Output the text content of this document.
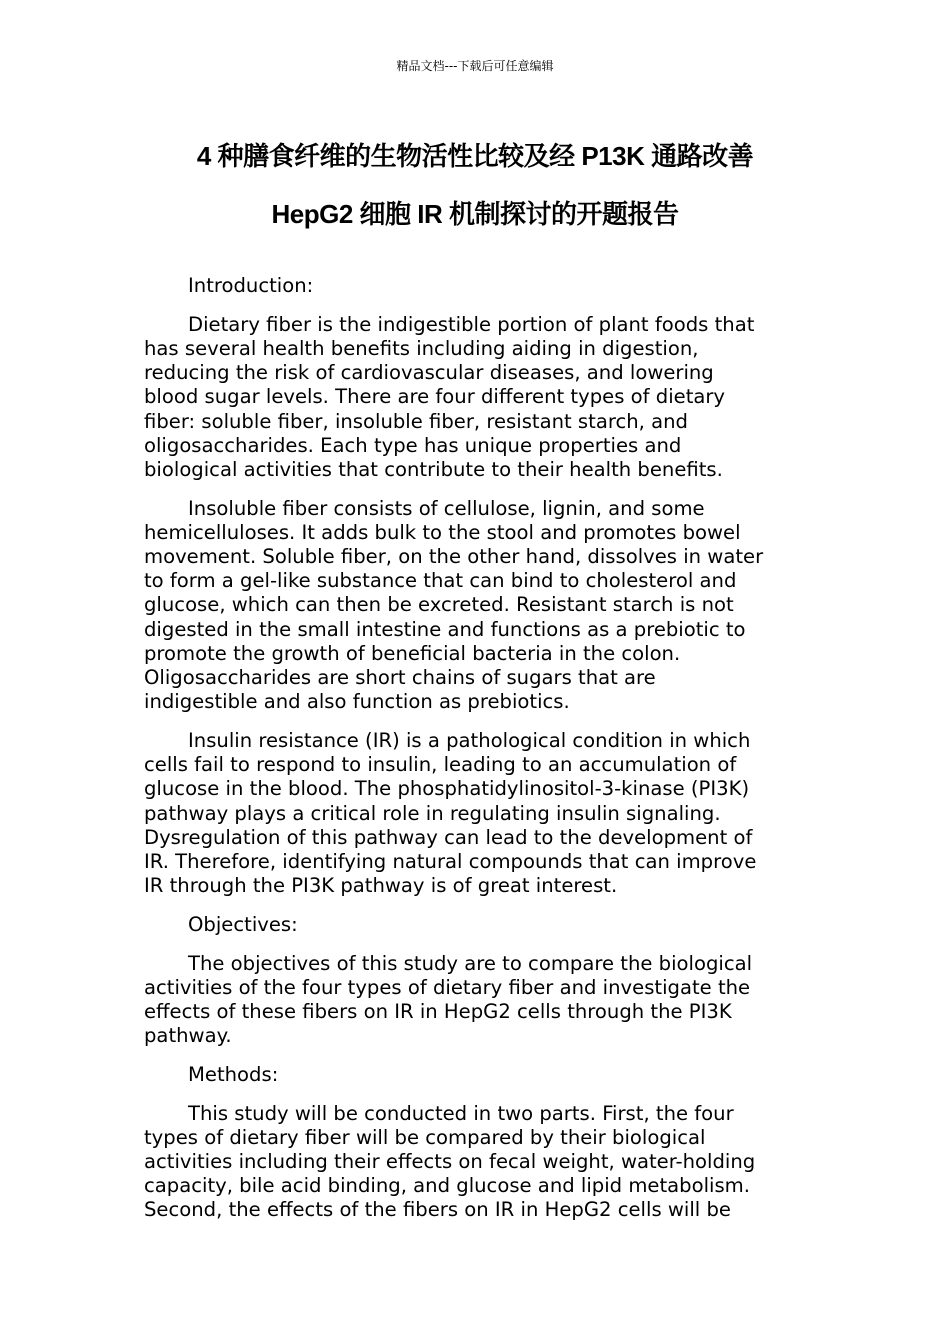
精品文档---下载后可任意编辑
4 种膳食纤维的生物活性比较及经 P13K 通路改善
HepG2 细胞 IR 机制探讨的开题报告

Introduction:

Dietary fiber is the indigestible portion of plant foods that
has several health benefits including aiding in digestion,
reducing the risk of cardiovascular diseases, and lowering
blood sugar levels. There are four different types of dietary
fiber: soluble fiber, insoluble fiber, resistant starch, and
oligosaccharides. Each type has unique properties and
biological activities that contribute to their health benefits.

Insoluble fiber consists of cellulose, lignin, and some
hemicelluloses. It adds bulk to the stool and promotes bowel
movement. Soluble fiber, on the other hand, dissolves in water
to form a gel-like substance that can bind to cholesterol and
glucose, which can then be excreted. Resistant starch is not
digested in the small intestine and functions as a prebiotic to
promote the growth of beneficial bacteria in the colon.
Oligosaccharides are short chains of sugars that are
indigestible and also function as prebiotics.

Insulin resistance (IR) is a pathological condition in which
cells fail to respond to insulin, leading to an accumulation of
glucose in the blood. The phosphatidylinositol-3-kinase (PI3K)
pathway plays a critical role in regulating insulin signaling.
Dysregulation of this pathway can lead to the development of
IR. Therefore, identifying natural compounds that can improve
IR through the PI3K pathway is of great interest.

Objectives:

The objectives of this study are to compare the biological
activities of the four types of dietary fiber and investigate the
effects of these fibers on IR in HepG2 cells through the PI3K
pathway.

Methods:

This study will be conducted in two parts. First, the four
types of dietary fiber will be compared by their biological
activities including their effects on fecal weight, water-holding
capacity, bile acid binding, and glucose and lipid metabolism.
Second, the effects of the fibers on IR in HepG2 cells will be
